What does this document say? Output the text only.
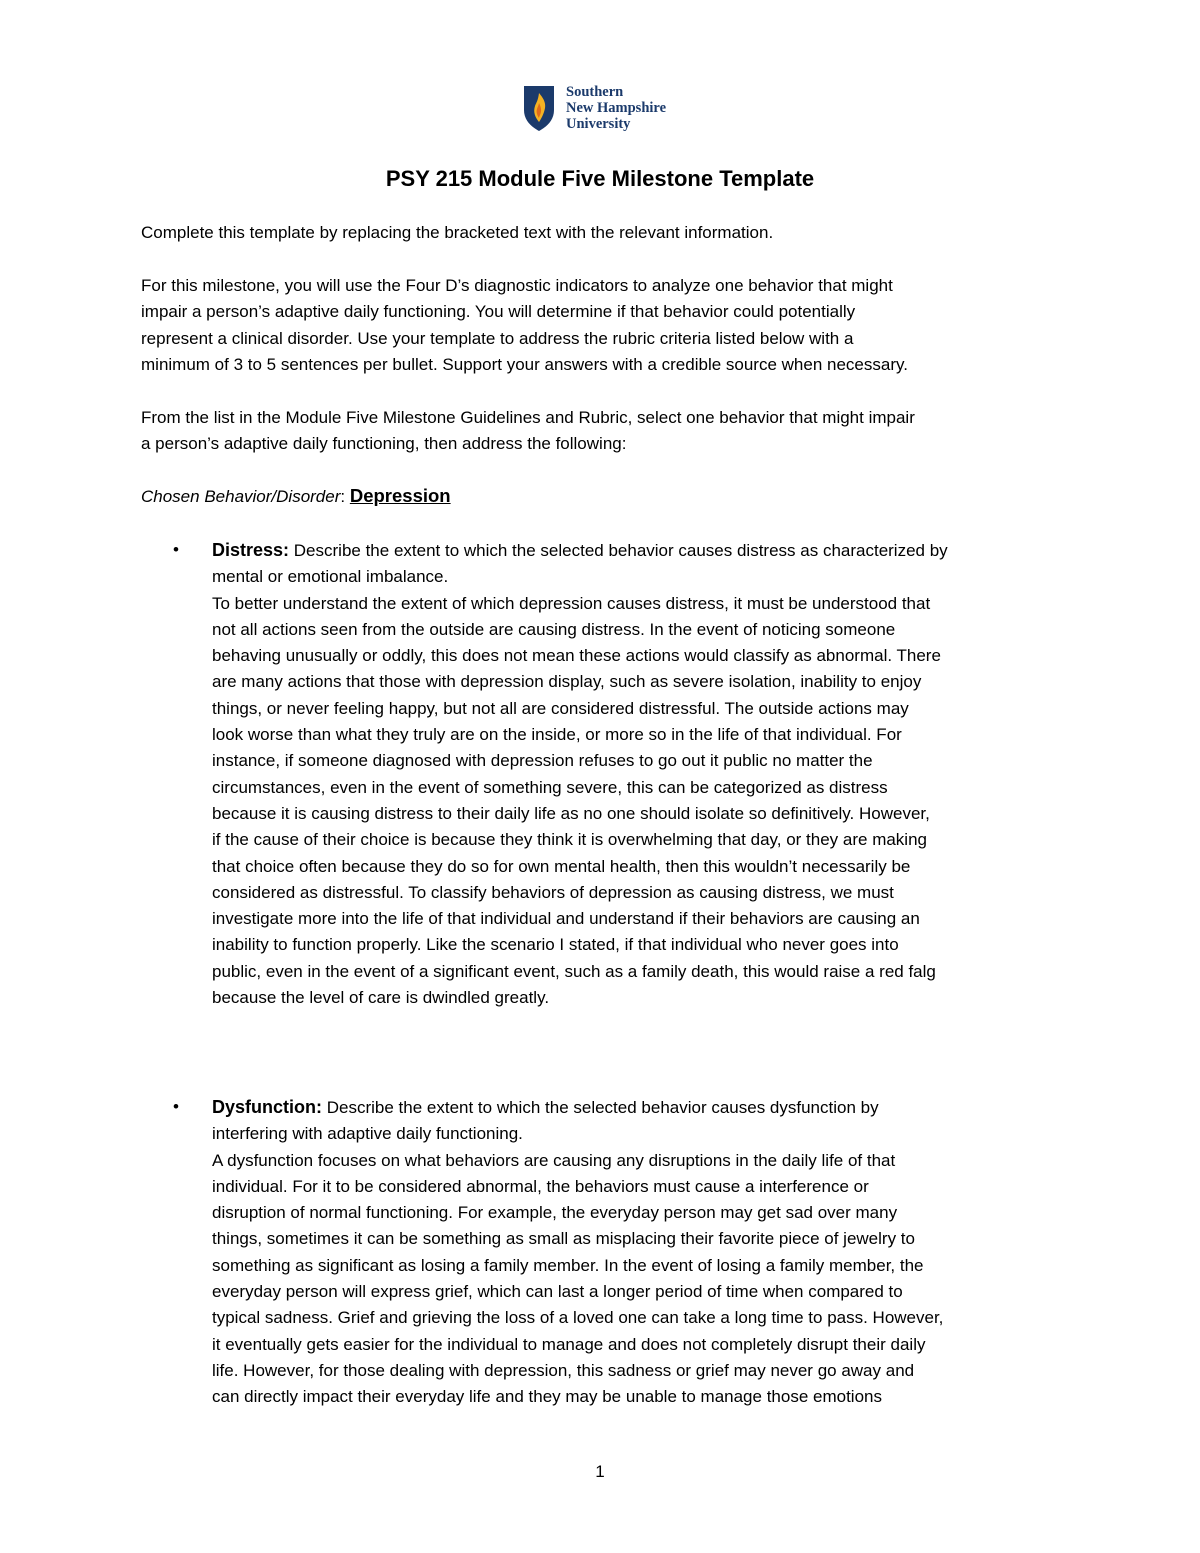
Southern
New Hampshire
University
PSY 215 Module Five Milestone Template
Complete this template by replacing the bracketed text with the relevant information.
For this milestone, you will use the Four D’s diagnostic indicators to analyze one behavior that might
impair a person’s adaptive daily functioning. You will determine if that behavior could potentially
represent a clinical disorder. Use your template to address the rubric criteria listed below with a
minimum of 3 to 5 sentences per bullet. Support your answers with a credible source when necessary.
From the list in the Module Five Milestone Guidelines and Rubric, select one behavior that might impair
a person’s adaptive daily functioning, then address the following:
Chosen Behavior/Disorder: Depression
• Distress: Describe the extent to which the selected behavior causes distress as characterized by
mental or emotional imbalance.
To better understand the extent of which depression causes distress, it must be understood that
not all actions seen from the outside are causing distress. In the event of noticing someone
behaving unusually or oddly, this does not mean these actions would classify as abnormal. There
are many actions that those with depression display, such as severe isolation, inability to enjoy
things, or never feeling happy, but not all are considered distressful. The outside actions may
look worse than what they truly are on the inside, or more so in the life of that individual. For
instance, if someone diagnosed with depression refuses to go out it public no matter the
circumstances, even in the event of something severe, this can be categorized as distress
because it is causing distress to their daily life as no one should isolate so definitively. However,
if the cause of their choice is because they think it is overwhelming that day, or they are making
that choice often because they do so for own mental health, then this wouldn’t necessarily be
considered as distressful. To classify behaviors of depression as causing distress, we must
investigate more into the life of that individual and understand if their behaviors are causing an
inability to function properly. Like the scenario I stated, if that individual who never goes into
public, even in the event of a significant event, such as a family death, this would raise a red falg
because the level of care is dwindled greatly.
• Dysfunction: Describe the extent to which the selected behavior causes dysfunction by
interfering with adaptive daily functioning.
A dysfunction focuses on what behaviors are causing any disruptions in the daily life of that
individual. For it to be considered abnormal, the behaviors must cause a interference or
disruption of normal functioning. For example, the everyday person may get sad over many
things, sometimes it can be something as small as misplacing their favorite piece of jewelry to
something as significant as losing a family member. In the event of losing a family member, the
everyday person will express grief, which can last a longer period of time when compared to
typical sadness. Grief and grieving the loss of a loved one can take a long time to pass. However,
it eventually gets easier for the individual to manage and does not completely disrupt their daily
life. However, for those dealing with depression, this sadness or grief may never go away and
can directly impact their everyday life and they may be unable to manage those emotions
1
